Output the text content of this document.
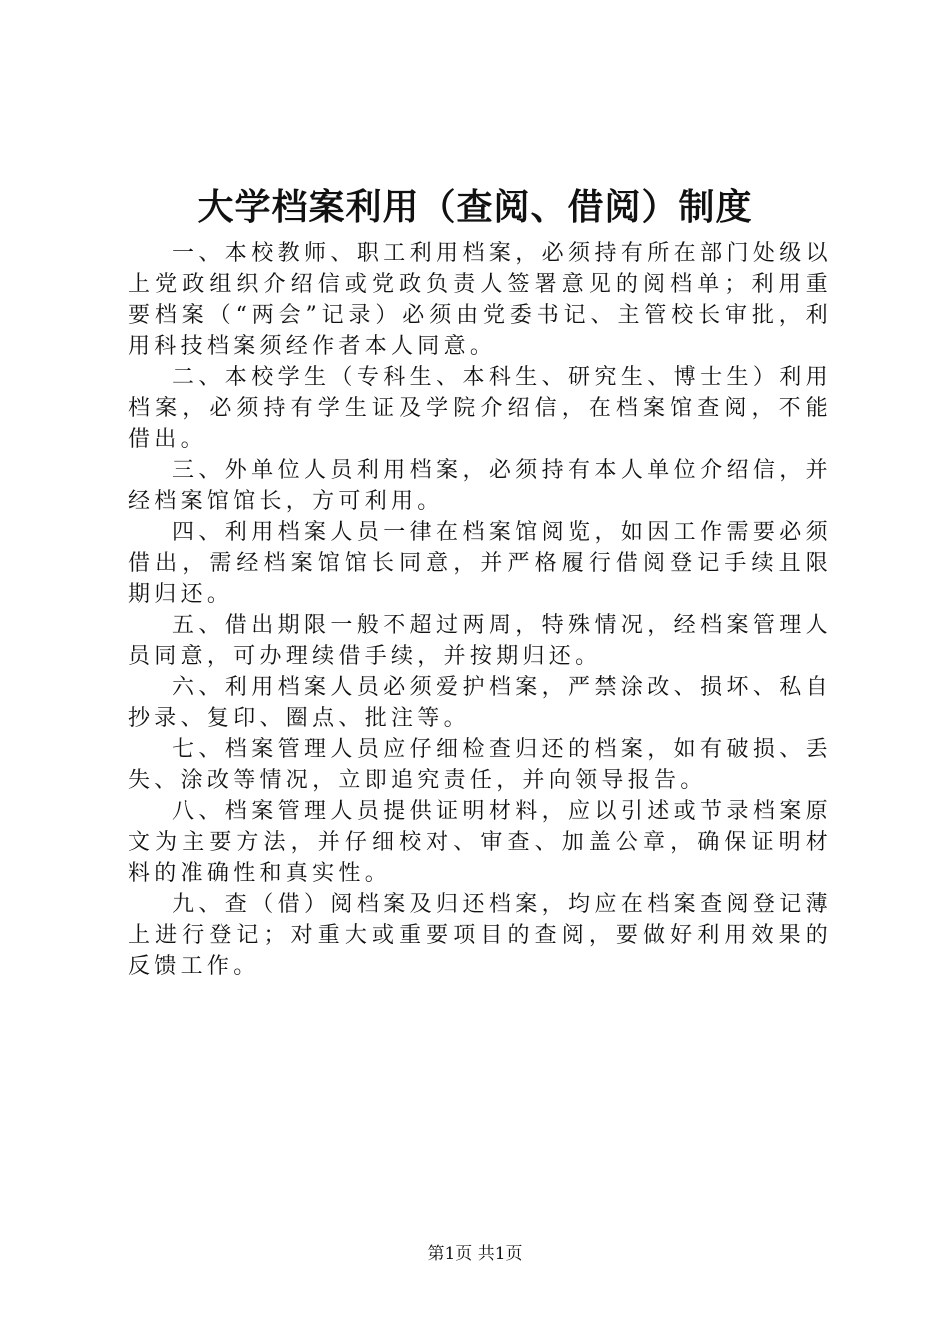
大学档案利用（查阅、借阅）制度

一、本校教师、职工利用档案，必须持有所在部门处级以上党政组织介绍信或党政负责人签署意见的阅档单；利用重要档案（“两会”记录）必须由党委书记、主管校长审批，利用科技档案须经作者本人同意。

二、本校学生（专科生、本科生、研究生、博士生）利用档案，必须持有学生证及学院介绍信，在档案馆查阅，不能借出。

三、外单位人员利用档案，必须持有本人单位介绍信，并经档案馆馆长，方可利用。

四、利用档案人员一律在档案馆阅览，如因工作需要必须借出，需经档案馆馆长同意，并严格履行借阅登记手续且限期归还。

五、借出期限一般不超过两周，特殊情况，经档案管理人员同意，可办理续借手续，并按期归还。

六、利用档案人员必须爱护档案，严禁涂改、损坏、私自抄录、复印、圈点、批注等。

七、档案管理人员应仔细检查归还的档案，如有破损、丢失、涂改等情况，立即追究责任，并向领导报告。

八、档案管理人员提供证明材料，应以引述或节录档案原文为主要方法，并仔细校对、审查、加盖公章，确保证明材料的准确性和真实性。

九、查（借）阅档案及归还档案，均应在档案查阅登记薄上进行登记；对重大或重要项目的查阅，要做好利用效果的反馈工作。

第1页 共1页
